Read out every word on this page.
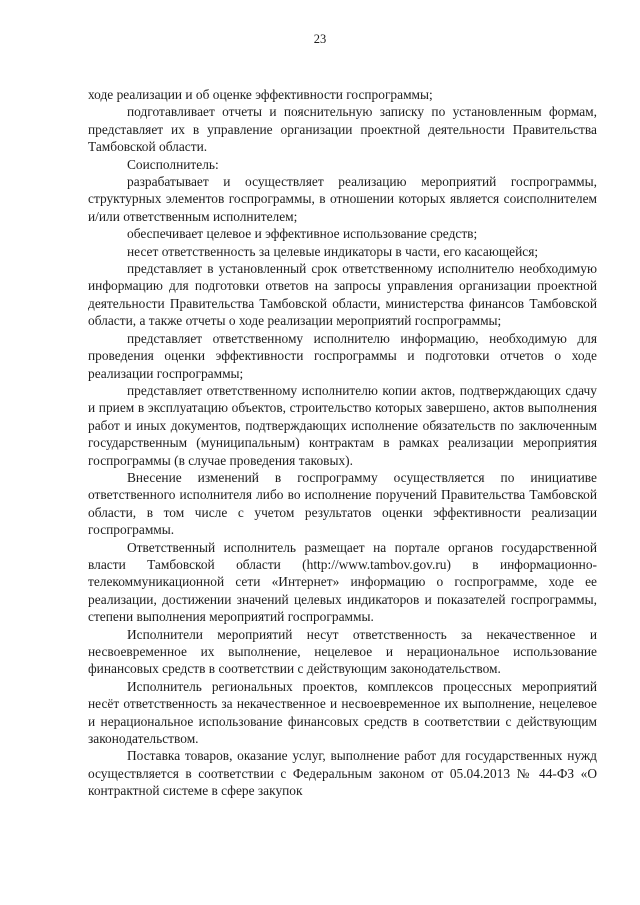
23

ходе реализации и об оценке эффективности госпрограммы;

подготавливает отчеты и пояснительную записку по установленным формам, представляет их в управление организации проектной деятельности Правительства Тамбовской области.

Соисполнитель:

разрабатывает и осуществляет реализацию мероприятий госпрограммы, структурных элементов госпрограммы, в отношении которых является соисполнителем и/или ответственным исполнителем;

обеспечивает целевое и эффективное использование средств;

несет ответственность за целевые индикаторы в части, его касающейся;

представляет в установленный срок ответственному исполнителю необходимую информацию для подготовки ответов на запросы управления организации проектной деятельности Правительства Тамбовской области, министерства финансов Тамбовской области, а также отчеты о ходе реализации мероприятий госпрограммы;

представляет ответственному исполнителю информацию, необходимую для проведения оценки эффективности госпрограммы и подготовки отчетов о ходе реализации госпрограммы;

представляет ответственному исполнителю копии актов, подтверждающих сдачу и прием в эксплуатацию объектов, строительство которых завершено, актов выполнения работ и иных документов, подтверждающих исполнение обязательств по заключенным государственным (муниципальным) контрактам в рамках реализации мероприятия госпрограммы (в случае проведения таковых).

Внесение изменений в госпрограмму осуществляется по инициативе ответственного исполнителя либо во исполнение поручений Правительства Тамбовской области, в том числе с учетом результатов оценки эффективности реализации госпрограммы.

Ответственный исполнитель размещает на портале органов государственной власти Тамбовской области (http://www.tambov.gov.ru) в информационно-телекоммуникационной сети «Интернет» информацию о госпрограмме, ходе ее реализации, достижении значений целевых индикаторов и показателей госпрограммы, степени выполнения мероприятий госпрограммы.

Исполнители мероприятий несут ответственность за некачественное и несвоевременное их выполнение, нецелевое и нерациональное использование финансовых средств в соответствии с действующим законодательством.

Исполнитель региональных проектов, комплексов процессных мероприятий несёт ответственность за некачественное и несвоевременное их выполнение, нецелевое и нерациональное использование финансовых средств в соответствии с действующим законодательством.

Поставка товаров, оказание услуг, выполнение работ для государственных нужд осуществляется в соответствии с Федеральным законом от 05.04.2013 № 44-ФЗ «О контрактной системе в сфере закупок
